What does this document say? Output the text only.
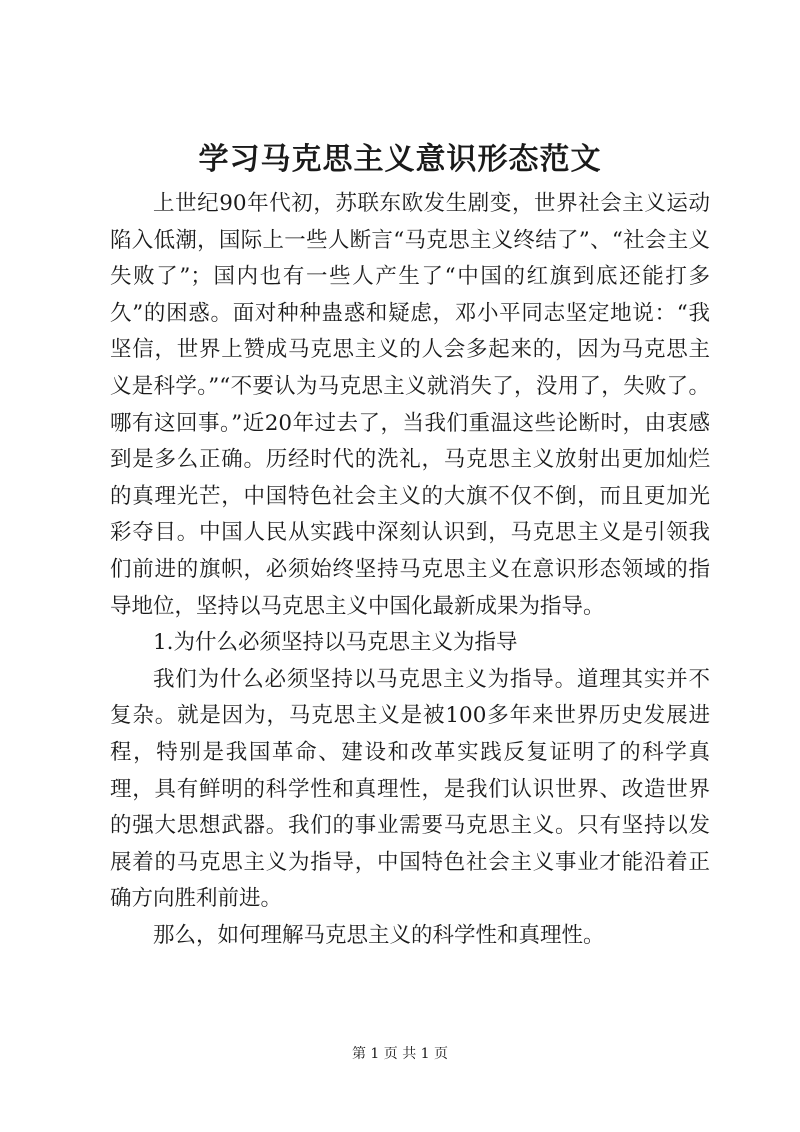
学习马克思主义意识形态范文

上世纪90年代初，苏联东欧发生剧变，世界社会主义运动陷入低潮，国际上一些人断言“马克思主义终结了”、“社会主义失败了”；国内也有一些人产生了“中国的红旗到底还能打多久”的困惑。面对种种蛊惑和疑虑，邓小平同志坚定地说：“我坚信，世界上赞成马克思主义的人会多起来的，因为马克思主义是科学。”“不要认为马克思主义就消失了，没用了，失败了。哪有这回事。”近20年过去了，当我们重温这些论断时，由衷感到是多么正确。历经时代的洗礼，马克思主义放射出更加灿烂的真理光芒，中国特色社会主义的大旗不仅不倒，而且更加光彩夺目。中国人民从实践中深刻认识到，马克思主义是引领我们前进的旗帜，必须始终坚持马克思主义在意识形态领域的指导地位，坚持以马克思主义中国化最新成果为指导。

1.为什么必须坚持以马克思主义为指导

我们为什么必须坚持以马克思主义为指导。道理其实并不复杂。就是因为，马克思主义是被100多年来世界历史发展进程，特别是我国革命、建设和改革实践反复证明了的科学真理，具有鲜明的科学性和真理性，是我们认识世界、改造世界的强大思想武器。我们的事业需要马克思主义。只有坚持以发展着的马克思主义为指导，中国特色社会主义事业才能沿着正确方向胜利前进。

那么，如何理解马克思主义的科学性和真理性。

第 1 页 共 1 页
